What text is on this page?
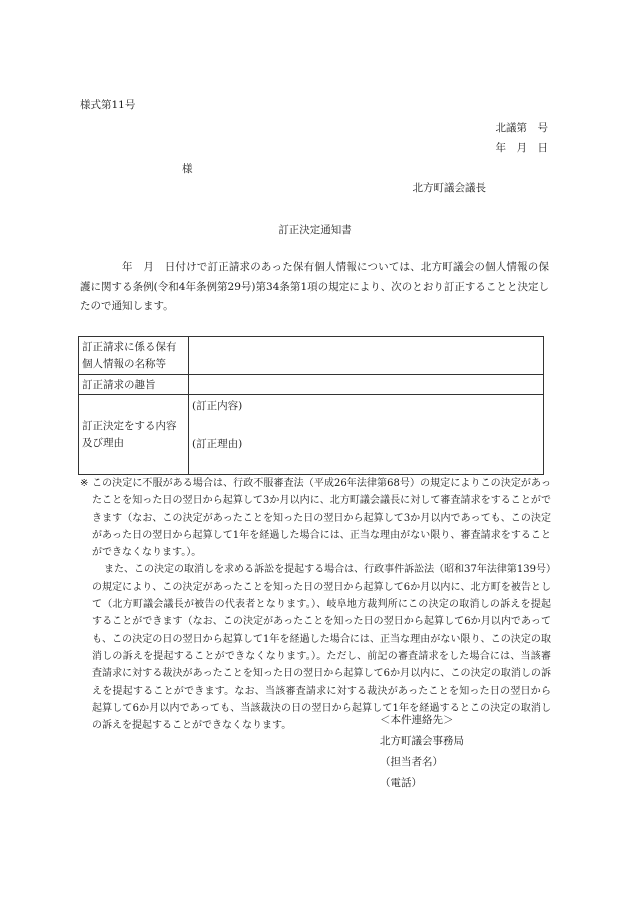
様式第11号
北議第　号
年　月　日
様
北方町議会議長
訂正決定通知書
年　月　日付けで訂正請求のあった保有個人情報については、北方町議会の個人情報の保護に関する条例(令和4年条例第29号)第34条第1項の規定により、次のとおり訂正することと決定したので通知します。
訂正請求に係る保有個人情報の名称等	
訂正請求の趣旨	
訂正決定をする内容及び理由	(訂正内容)
(訂正理由)
※ この決定に不服がある場合は、行政不服審査法（平成26年法律第68号）の規定によりこの決定があったことを知った日の翌日から起算して3か月以内に、北方町議会議長に対して審査請求をすることができます（なお、この決定があったことを知った日の翌日から起算して3か月以内であっても、この決定があった日の翌日から起算して1年を経過した場合には、正当な理由がない限り、審査請求をすることができなくなります。）。
また、この決定の取消しを求める訴訟を提起する場合は、行政事件訴訟法（昭和37年法律第139号）の規定により、この決定があったことを知った日の翌日から起算して6か月以内に、北方町を被告として（北方町議会議長が被告の代表者となります。）、岐阜地方裁判所にこの決定の取消しの訴えを提起することができます（なお、この決定があったことを知った日の翌日から起算して6か月以内であっても、この決定の日の翌日から起算して1年を経過した場合には、正当な理由がない限り、この決定の取消しの訴えを提起することができなくなります。）。ただし、前記の審査請求をした場合には、当該審査請求に対する裁決があったことを知った日の翌日から起算して6か月以内に、この決定の取消しの訴えを提起することができます。なお、当該審査請求に対する裁決があったことを知った日の翌日から起算して6か月以内であっても、当該裁決の日の翌日から起算して1年を経過するとこの決定の取消しの訴えを提起することができなくなります。	＜本件連絡先＞
北方町議会事務局
（担当者名）
（電話）
